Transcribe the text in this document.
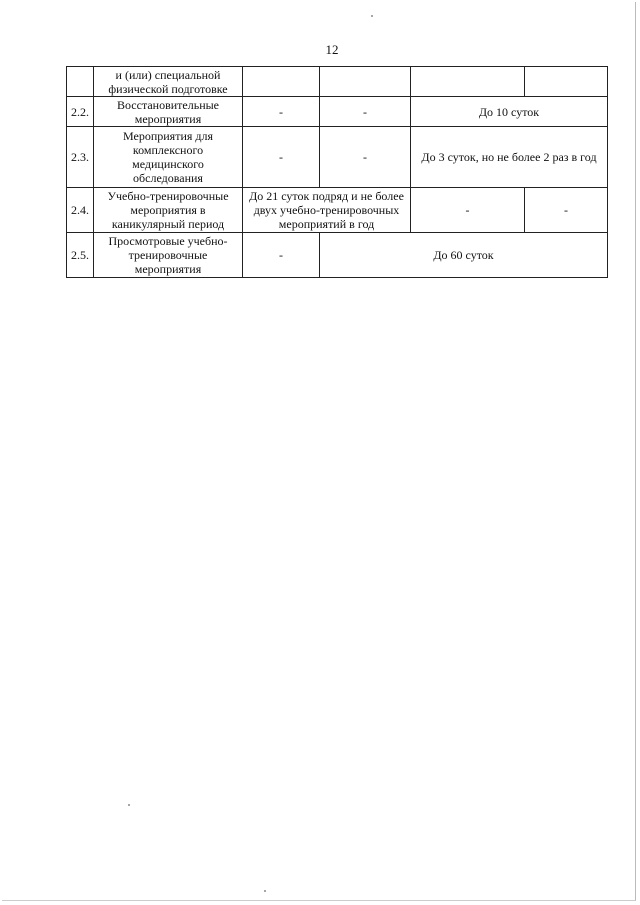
12
	и (или) специальной физической подготовке				
2.2.	Восстановительные мероприятия	-	-	До 10 суток	
2.3.	Мероприятия для комплексного медицинского обследования	-	-	До 3 суток, но не более 2 раз в год	
2.4.	Учебно-тренировочные мероприятия в каникулярный период	До 21 суток подряд и не более двух учебно-тренировочных мероприятий в год		-	-
2.5.	Просмотровые учебно-тренировочные мероприятия	-	До 60 суток		
